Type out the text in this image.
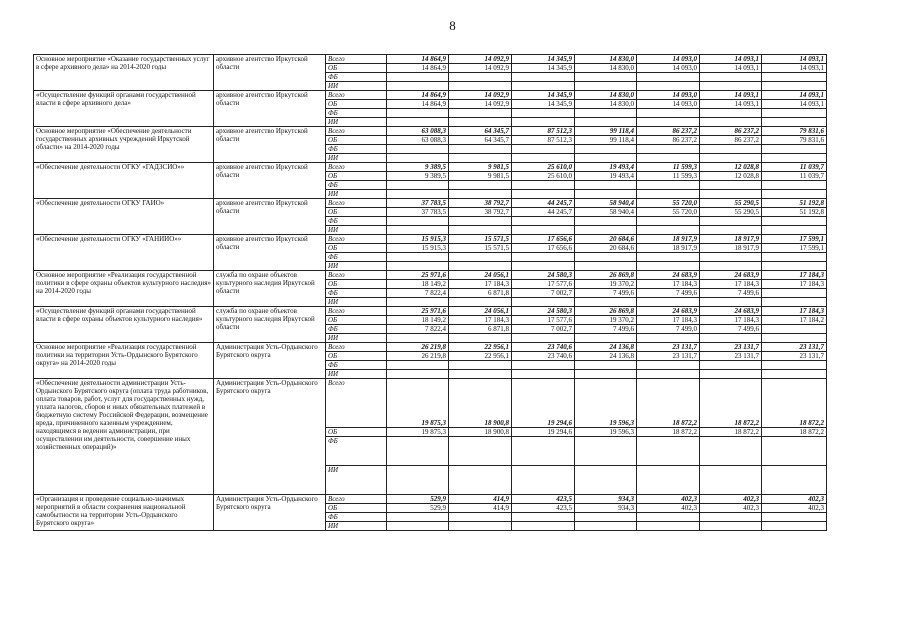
8
Основное мероприятие «Оказание государственных услуг в сфере архивного дела» на 2014-2020 годы	архивное агентство Иркутской области	Всего	14 864,9	14 092,9	14 345,9	14 830,0	14 093,0	14 093,1	14 093,1
		ОБ	14 864,9	14 092,9	14 345,9	14 830,0	14 093,0	14 093,1	14 093,1
		ФБ							
		ИИ							
«Осуществление функций органами государственной власти в сфере архивного дела»	архивное агентство Иркутской области	Всего	14 864,9	14 092,9	14 345,9	14 830,0	14 093,0	14 093,1	14 093,1
		ОБ	14 864,9	14 092,9	14 345,9	14 830,0	14 093,0	14 093,1	14 093,1
		ФБ							
		ИИ							
Основное мероприятие «Обеспечение деятельности государственных архивных учреждений Иркутской области» на 2014-2020 годы	архивное агентство Иркутской области	Всего	63 088,3	64 345,7	87 512,3	99 118,4	86 237,2	86 237,2	79 831,6
		ОБ	63 088,3	64 345,7	87 512,3	99 118,4	86 237,2	86 237,2	79 831,6
		ФБ							
		ИИ							
«Обеспечение деятельности ОГКУ «ГАДЗСИО»»	архивное агентство Иркутской области	Всего	9 389,5	9 981,5	25 610,0	19 493,4	11 599,3	12 028,8	11 039,7
		ОБ	9 389,5	9 981,5	25 610,0	19 493,4	11 599,3	12 028,8	11 039,7
		ФБ							
		ИИ							
«Обеспечение деятельности ОГКУ ГАИО»	архивное агентство Иркутской области	Всего	37 783,5	38 792,7	44 245,7	58 940,4	55 720,0	55 290,5	51 192,8
		ОБ	37 783,5	38 792,7	44 245,7	58 940,4	55 720,0	55 290,5	51 192,8
		ФБ							
		ИИ							
«Обеспечение деятельности ОГКУ «ГАНИИО»»	архивное агентство Иркутской области	Всего	15 915,3	15 571,5	17 656,6	20 684,6	18 917,9	18 917,9	17 599,1
		ОБ	15 915,3	15 571,5	17 656,6	20 684,6	18 917,9	18 917,9	17 599,1
		ФБ							
		ИИ							
Основное мероприятие «Реализация государственной политики в сфере охраны объектов культурного наследия» на 2014-2020 годы	служба по охране объектов культурного наследия Иркутской области	Всего	25 971,6	24 056,1	24 580,3	26 869,8	24 683,9	24 683,9	17 184,3
		ОБ	18 149,2	17 184,3	17 577,6	19 370,2	17 184,3	17 184,3	17 184,3
		ФБ	7 822,4	6 871,8	7 002,7	7 499,6	7 499,6	7 499,6	
		ИИ							
«Осуществление функций органами государственной власти в сфере охраны объектов культурного наследия»	служба по охране объектов культурного наследия Иркутской области	Всего	25 971,6	24 056,1	24 580,3	26 869,8	24 683,9	24 683,9	17 184,3
		ОБ	18 149,2	17 184,3	17 577,6	19 370,2	17 184,3	17 184,3	17 184,2
		ФБ	7 822,4	6 871,8	7 002,7	7 499,6	7 499,0	7 499,6	
		ИИ							
Основное мероприятие «Реализация государственной политики на территории Усть-Ордынского Бурятского округа» на 2014-2020 годы	Администрация Усть-Ордынского Бурятского округа	Всего	26 219,8	22 956,1	23 740,6	24 136,8	23 131,7	23 131,7	23 131,7
		ОБ	26 219,8	22 956,1	23 740,6	24 136,8	23 131,7	23 131,7	23 131,7
		ФБ							
		ИИ							
«Обеспечение деятельности администрации Усть-Ордынского Бурятского округа (оплата труда работников, оплата товаров, работ, услуг для государственных нужд, уплата налогов, сборов и иных обязательных платежей в бюджетную систему Российской Федерации, возмещение вреда, причиненного казенным учреждением, находящимся в ведении администрации, при осуществлении им деятельности, совершение иных хозяйственных операций)»	Администрация Усть-Ордынского Бурятского округа	Всего	19 875,3	18 900,8	19 294,6	19 596,3	18 872,2	18 872,2	18 872,2
		ОБ	19 875,3	18 900,8	19 294,6	19 596,3	18 872,2	18 872,2	18 872,2
		ФБ							
		ИИ							
«Организация и проведение социально-значимых мероприятий в области сохранения национальной самобытности на территории Усть-Ордынского Бурятского округа»	Администрация Усть-Ордынского Бурятского округа	Всего	529,9	414,9	423,5	934,3	402,3	402,3	402,3
		ОБ	529,9	414,9	423,5	934,3	402,3	402,3	402,3
		ФБ							
		ИИ							
